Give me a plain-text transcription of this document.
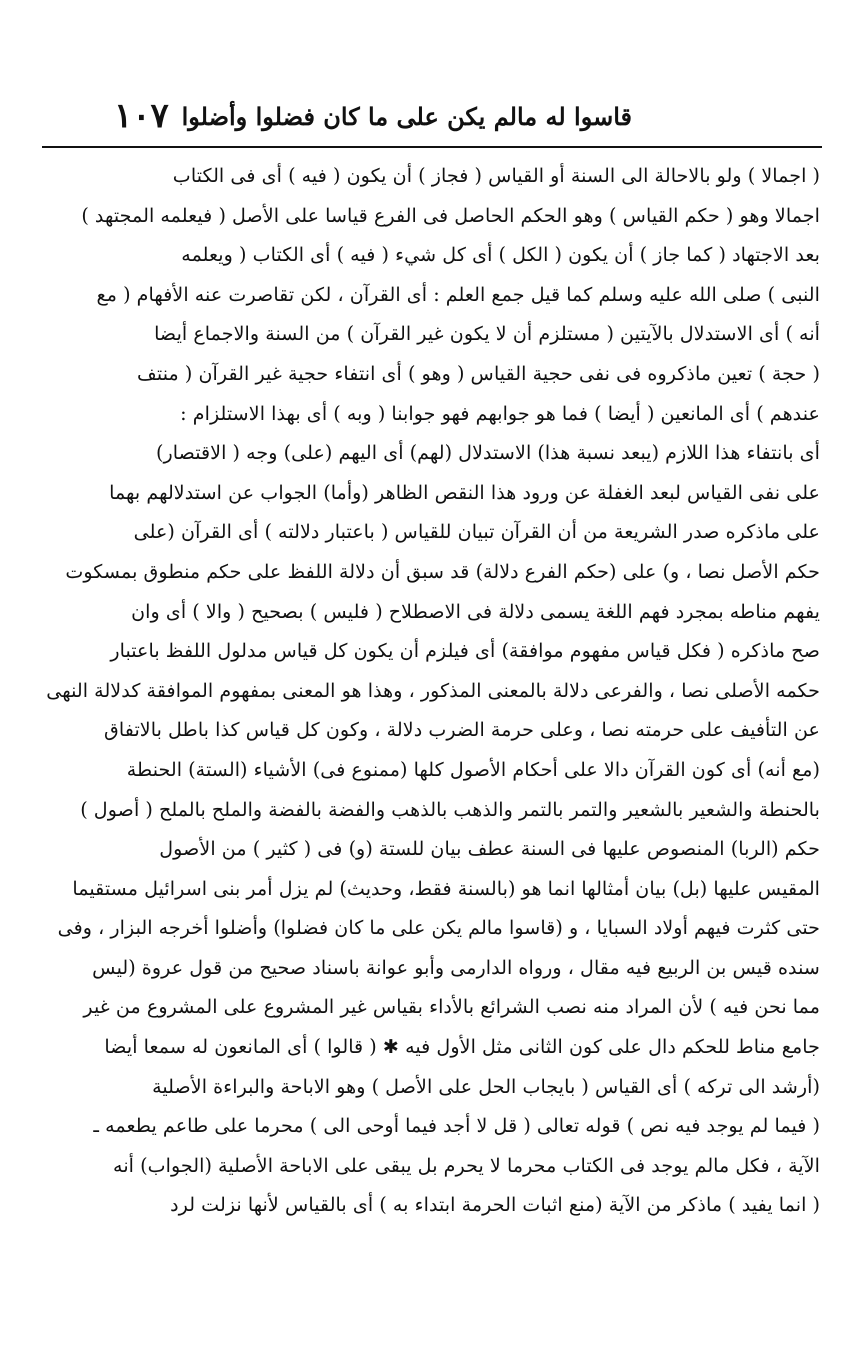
قاسوا له مالم يكن على ما كان فضلوا وأضلوا
١٠٧
( اجمالا ) ولو بالاحالة الى السنة أو القياس ( فجاز ) أن يكون ( فيه ) أى فى الكتاب
اجمالا وهو ( حكم القياس ) وهو الحكم الحاصل فى الفرع قياسا على الأصل ( فيعلمه المجتهد )
بعد الاجتهاد ( كما جاز ) أن يكون ( الكل ) أى كل شيء ( فيه ) أى الكتاب ( ويعلمه
النبى ) صلى الله عليه وسلم كما قيل جمع العلم : أى القرآن ، لكن تقاصرت عنه الأفهام ( مع
أنه ) أى الاستدلال بالآيتين ( مستلزم أن لا يكون غير القرآن ) من السنة والاجماع أيضا
( حجة ) تعين ماذكروه فى نفى حجية القياس ( وهو ) أى انتفاء حجية غير القرآن ( منتف
عندهم ) أى المانعين ( أيضا ) فما هو جوابهم فهو جوابنا ( وبه ) أى بهذا الاستلزام :
أى بانتفاء هذا اللازم (يبعد نسبة هذا) الاستدلال (لهم) أى اليهم (على) وجه ( الاقتصار)
على نفى القياس لبعد الغفلة عن ورود هذا النقص الظاهر (وأما) الجواب عن استدلالهم بهما
على ماذكره صدر الشريعة من أن القرآن تبيان للقياس ( باعتبار دلالته ) أى القرآن (على
حكم الأصل نصا ، و) على (حكم الفرع دلالة) قد سبق أن دلالة اللفظ على حكم منطوق بمسكوت
يفهم مناطه بمجرد فهم اللغة يسمى دلالة فى الاصطلاح ( فليس ) بصحيح ( والا ) أى وان
صح ماذكره ( فكل قياس مفهوم موافقة) أى فيلزم أن يكون كل قياس مدلول اللفظ باعتبار
حكمه الأصلى نصا ، والفرعى دلالة بالمعنى المذكور ، وهذا هو المعنى بمفهوم الموافقة كدلالة النهى
عن التأفيف على حرمته نصا ، وعلى حرمة الضرب دلالة ، وكون كل قياس كذا باطل بالاتفاق
(مع أنه) أى كون القرآن دالا على أحكام الأصول كلها (ممنوع فى) الأشياء (الستة) الحنطة
بالحنطة والشعير بالشعير والتمر بالتمر والذهب بالذهب والفضة بالفضة والملح بالملح ( أصول )
حكم (الربا) المنصوص عليها فى السنة عطف بيان للستة (و) فى ( كثير ) من الأصول
المقيس عليها (بل) بيان أمثالها انما هو (بالسنة فقط، وحديث) لم يزل أمر بنى اسرائيل مستقيما
حتى كثرت فيهم أولاد السبايا ، و (قاسوا مالم يكن على ما كان فضلوا) وأضلوا أخرجه البزار ، وفى
سنده قيس بن الربيع فيه مقال ، ورواه الدارمى وأبو عوانة باسناد صحيح من قول عروة (ليس
مما نحن فيه ) لأن المراد منه نصب الشرائع بالأداء بقياس غير المشروع على المشروع من غير
جامع مناط للحكم دال على كون الثانى مثل الأول فيه ✱ ( قالوا ) أى المانعون له سمعا أيضا
(أرشد الى تركه ) أى القياس ( بايجاب الحل على الأصل ) وهو الاباحة والبراءة الأصلية
( فيما لم يوجد فيه نص ) قوله تعالى ( قل لا أجد فيما أوحى الى ) محرما على طاعم يطعمه ـ
الآية ، فكل مالم يوجد فى الكتاب محرما لا يحرم بل يبقى على الاباحة الأصلية (الجواب) أنه
( انما يفيد ) ماذكر من الآية (منع اثبات الحرمة ابتداء به ) أى بالقياس لأنها نزلت لرد
